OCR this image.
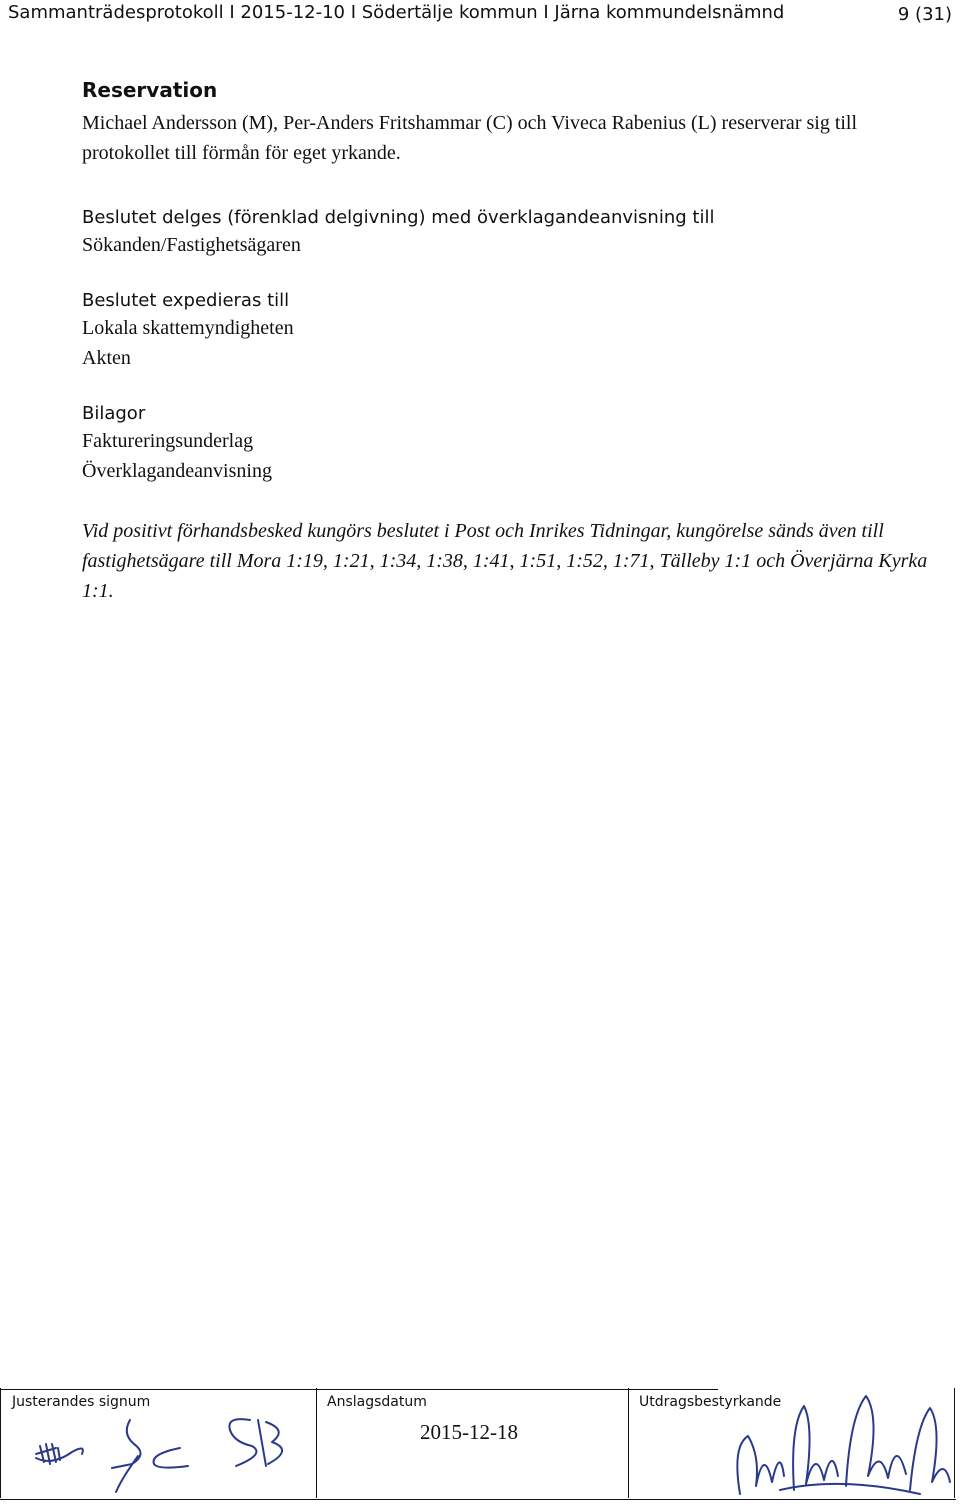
Sammanträdesprotokoll I 2015-12-10 I Södertälje kommun I Järna kommundelsnämnd	9 (31)

Reservation

Michael Andersson (M), Per-Anders Fritshammar (C) och Viveca Rabenius (L) reserverar sig till protokollet till förmån för eget yrkande.

Beslutet delges (förenklad delgivning) med överklagandeanvisning till
Sökanden/Fastighetsägaren
Beslutet expedieras till
Lokala skattemyndigheten
Akten
Bilagor
Faktureringsunderlag
Överklagandeanvisning
Vid positivt förhandsbesked kungörs beslutet i Post och Inrikes Tidningar, kungörelse sänds även till fastighetsägare till Mora 1:19, 1:21, 1:34, 1:38, 1:41, 1:51, 1:52, 1:71, Tälleby 1:1 och Överjärna Kyrka 1:1.
Justerandes signum	Anslagsdatum
2015-12-18
Utdragsbestyrkande
